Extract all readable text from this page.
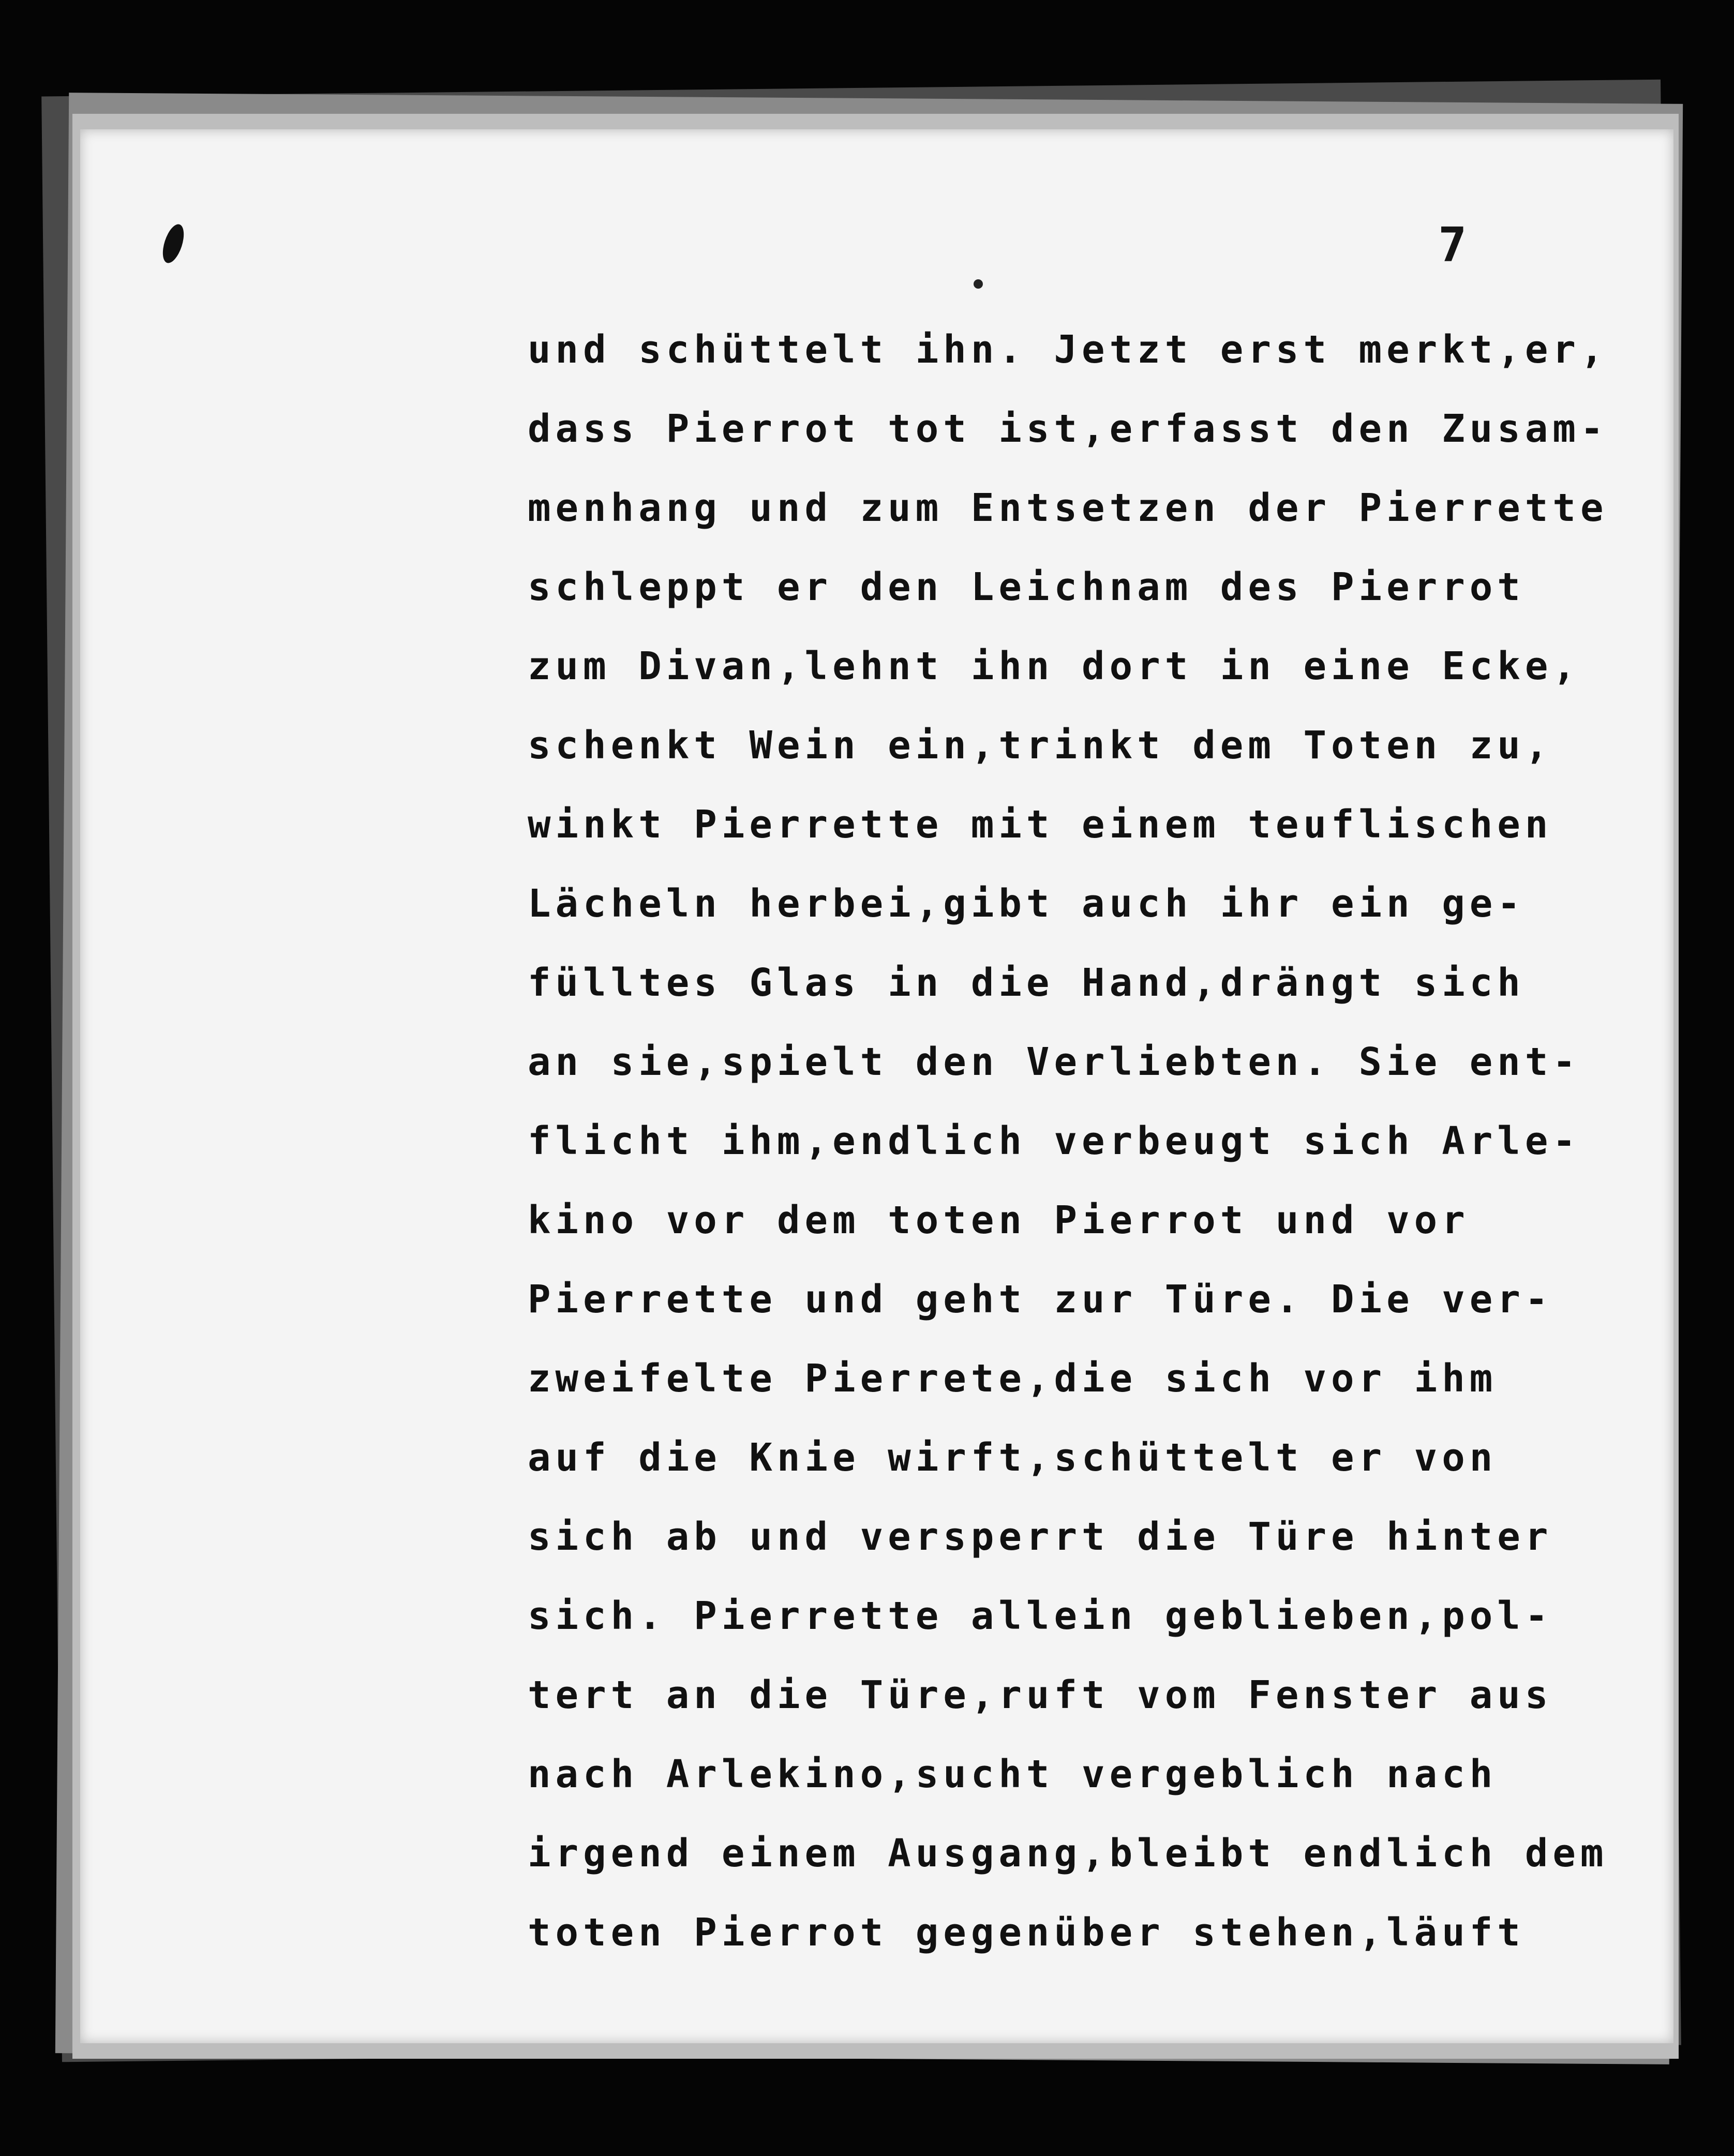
7
und schüttelt ihn. Jetzt erst merkt,er,
dass Pierrot tot ist,erfasst den Zusam-
menhang und zum Entsetzen der Pierrette
schleppt er den Leichnam des Pierrot
zum Divan,lehnt ihn dort in eine Ecke,
schenkt Wein ein,trinkt dem Toten zu,
winkt Pierrette mit einem teuflischen
Lächeln herbei,gibt auch ihr ein ge-
fülltes Glas in die Hand,drängt sich
an sie,spielt den Verliebten. Sie ent-
flicht ihm,endlich verbeugt sich Arle-
kino vor dem toten Pierrot und vor
Pierrette und geht zur Türe. Die ver-
zweifelte Pierrete,die sich vor ihm
auf die Knie wirft,schüttelt er von
sich ab und versperrt die Türe hinter
sich. Pierrette allein geblieben,pol-
tert an die Türe,ruft vom Fenster aus
nach Arlekino,sucht vergeblich nach
irgend einem Ausgang,bleibt endlich dem
toten Pierrot gegenüber stehen,läuft
